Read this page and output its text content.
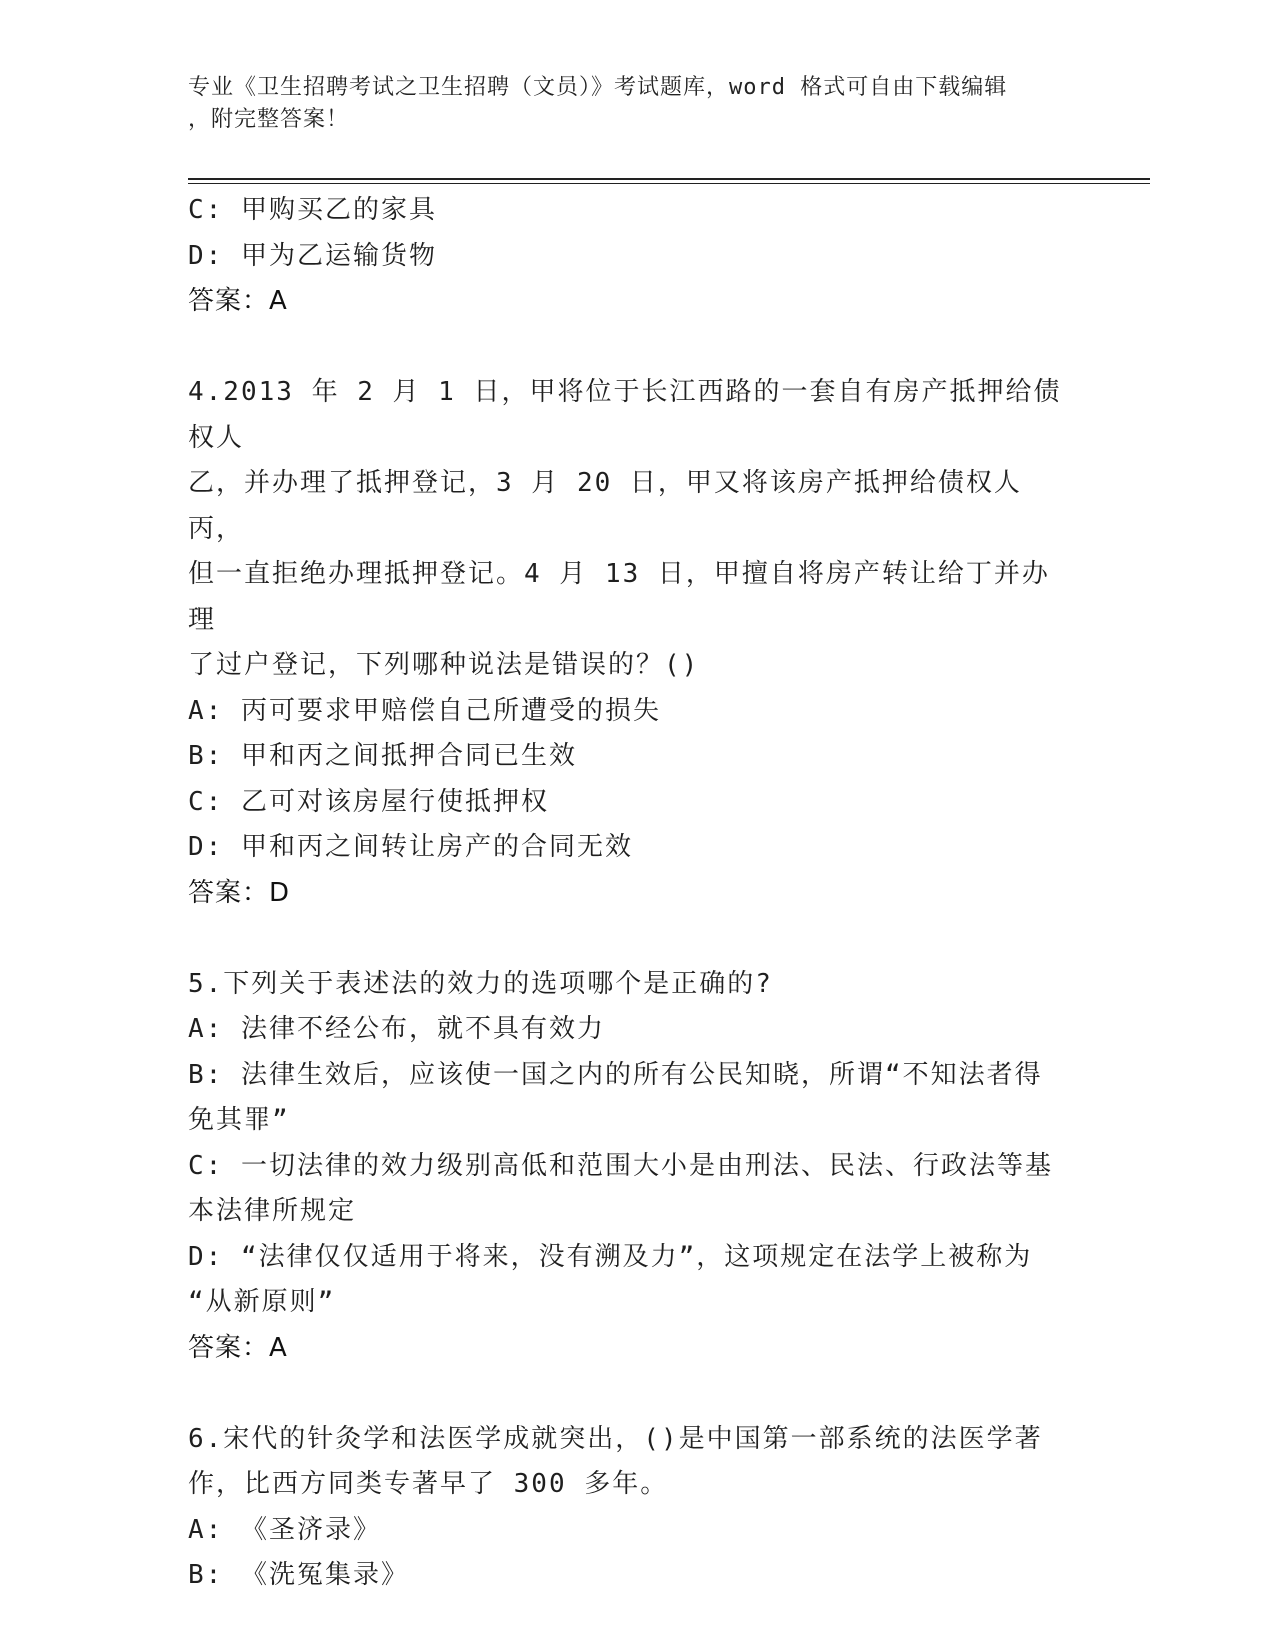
专业《卫生招聘考试之卫生招聘（文员）》考试题库，word 格式可自由下载编辑
，附完整答案！
C: 甲购买乙的家具
D: 甲为乙运输货物
答案：A
4.2013 年 2 月 1 日，甲将位于长江西路的一套自有房产抵押给债权人
乙，并办理了抵押登记，3 月 20 日，甲又将该房产抵押给债权人丙，
但一直拒绝办理抵押登记。4 月 13 日，甲擅自将房产转让给丁并办理
了过户登记，下列哪种说法是错误的？()
A: 丙可要求甲赔偿自己所遭受的损失
B: 甲和丙之间抵押合同已生效
C: 乙可对该房屋行使抵押权
D: 甲和丙之间转让房产的合同无效
答案：D
5.下列关于表述法的效力的选项哪个是正确的?
A: 法律不经公布，就不具有效力
B: 法律生效后，应该使一国之内的所有公民知晓，所谓“不知法者得
免其罪”
C: 一切法律的效力级别高低和范围大小是由刑法、民法、行政法等基
本法律所规定
D: “法律仅仅适用于将来，没有溯及力”，这项规定在法学上被称为
“从新原则”
答案：A
6.宋代的针灸学和法医学成就突出，()是中国第一部系统的法医学著
作，比西方同类专著早了 300 多年。
A: 《圣济录》
B: 《洗冤集录》
